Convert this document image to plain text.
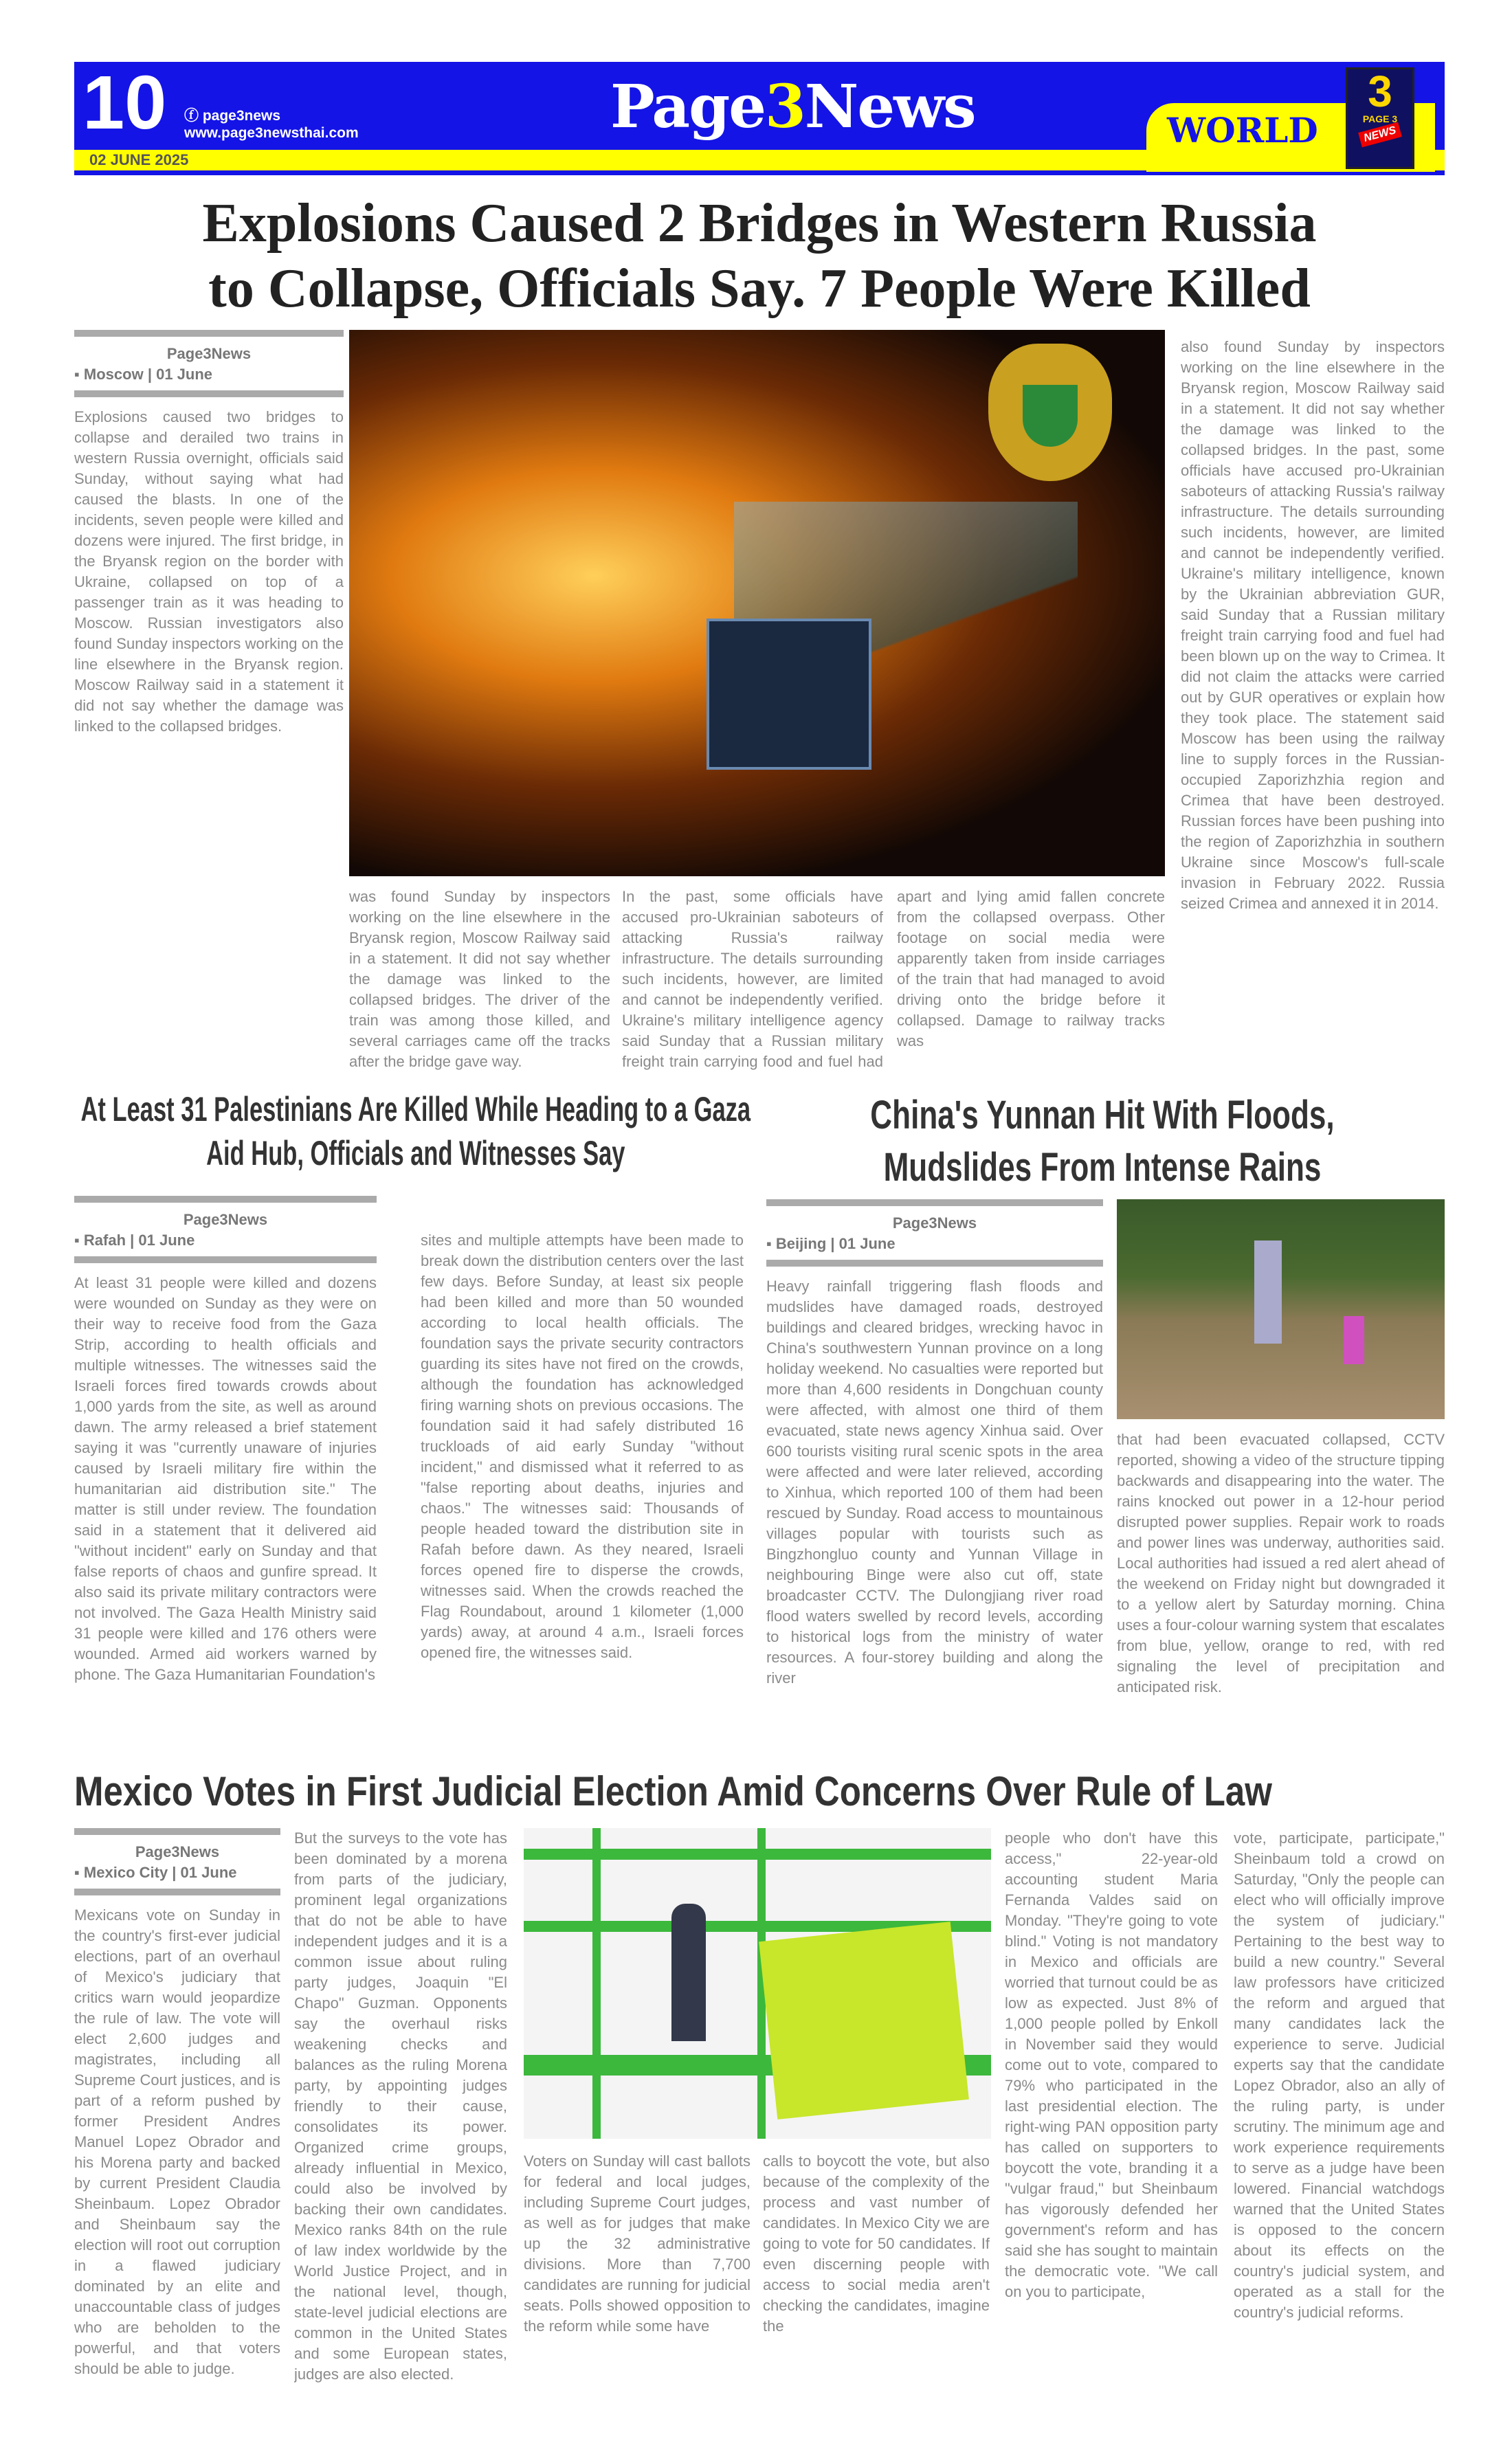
10 ⓕ page3news
www.page3newsthai.com
02 JUNE 2025
Page3News	WORLD
3
PAGE 3
NEWS
Explosions Caused 2 Bridges in Western Russia
to Collapse, Officials Say. 7 People Were Killed
Page3News
▪ Moscow | 01 June

Explosions caused two bridges to collapse and derailed two trains in western Russia overnight, officials said Sunday, without saying what had caused the blasts. In one of the incidents, seven people were killed and dozens were injured. The first bridge, in the Bryansk region on the border with Ukraine, collapsed on top of a passenger train as it was heading to Moscow. Russian investigators also found Sunday inspectors working on the line elsewhere in the Bryansk region. Moscow Railway said in a statement it did not say whether the damage was linked to the collapsed bridges.

was found Sunday by inspectors working on the line elsewhere in the Bryansk region, Moscow Railway said in a statement. It did not say whether the damage was linked to the collapsed bridges. The driver of the train was among those killed, and several carriages came off the tracks after the bridge gave way.

In the past, some officials have accused pro-Ukrainian saboteurs of attacking Russia's railway infrastructure. The details surrounding such incidents, however, are limited and cannot be independently verified. Ukraine's military intelligence agency said Sunday that a Russian military freight train carrying food and fuel had

apart and lying amid fallen concrete from the collapsed overpass. Other footage on social media were apparently taken from inside carriages of the train that had managed to avoid driving onto the bridge before it collapsed. Damage to railway tracks was

also found Sunday by inspectors working on the line elsewhere in the Bryansk region, Moscow Railway said in a statement. It did not say whether the damage was linked to the collapsed bridges. In the past, some officials have accused pro-Ukrainian saboteurs of attacking Russia's railway infrastructure. The details surrounding such incidents, however, are limited and cannot be independently verified. Ukraine's military intelligence, known by the Ukrainian abbreviation GUR, said Sunday that a Russian military freight train carrying food and fuel had been blown up on the way to Crimea. It did not claim the attacks were carried out by GUR operatives or explain how they took place. The statement said Moscow has been using the railway line to supply forces in the Russian-occupied Zaporizhzhia region and Crimea that have been destroyed. Russian forces have been pushing into the region of Zaporizhzhia in southern Ukraine since Moscow's full-scale invasion in February 2022. Russia seized Crimea and annexed it in 2014.

At Least 31 Palestinians Are Killed While Heading to a Gaza Aid Hub, Officials and Witnesses Say
Page3News
▪ Rafah | 01 June

At least 31 people were killed and dozens were wounded on Sunday as they were on their way to receive food from the Gaza Strip, according to health officials and multiple witnesses. The witnesses said the Israeli forces fired towards crowds about 1,000 yards from the site, as well as around dawn. The army released a brief statement saying it was "currently unaware of injuries caused by Israeli military fire within the humanitarian aid distribution site." The matter is still under review. The foundation said in a statement that it delivered aid "without incident" early on Sunday and that false reports of chaos and gunfire spread. It also said its private military contractors were not involved. The Gaza Health Ministry said 31 people were killed and 176 others were wounded. Armed aid workers warned by phone. The Gaza Humanitarian Foundation's

sites and multiple attempts have been made to break down the distribution centers over the last few days. Before Sunday, at least six people had been killed and more than 50 wounded according to local health officials. The foundation says the private security contractors guarding its sites have not fired on the crowds, although the foundation has acknowledged firing warning shots on previous occasions. The foundation said it had safely distributed 16 truckloads of aid early Sunday "without incident," and dismissed what it referred to as "false reporting about deaths, injuries and chaos." The witnesses said: Thousands of people headed toward the distribution site in Rafah before dawn. As they neared, Israeli forces opened fire to disperse the crowds, witnesses said. When the crowds reached the Flag Roundabout, around 1 kilometer (1,000 yards) away, at around 4 a.m., Israeli forces opened fire, the witnesses said.

China's Yunnan Hit With Floods,
Mudslides From Intense Rains
Page3News
▪ Beijing | 01 June

Heavy rainfall triggering flash floods and mudslides have damaged roads, destroyed buildings and cleared bridges, wrecking havoc in China's southwestern Yunnan province on a long holiday weekend. No casualties were reported but more than 4,600 residents in Dongchuan county were affected, with almost one third of them evacuated, state news agency Xinhua said. Over 600 tourists visiting rural scenic spots in the area were affected and were later relieved, according to Xinhua, which reported 100 of them had been rescued by Sunday. Road access to mountainous villages popular with tourists such as Bingzhongluo county and Yunnan Village in neighbouring Binge were also cut off, state broadcaster CCTV. The Dulongjiang river road flood waters swelled by record levels, according to historical logs from the ministry of water resources. A four-storey building and along the river

that had been evacuated collapsed, CCTV reported, showing a video of the structure tipping backwards and disappearing into the water. The rains knocked out power in a 12-hour period disrupted power supplies. Repair work to roads and power lines was underway, authorities said. Local authorities had issued a red alert ahead of the weekend on Friday night but downgraded it to a yellow alert by Saturday morning. China uses a four-colour warning system that escalates from blue, yellow, orange to red, with red signaling the level of precipitation and anticipated risk.

Mexico Votes in First Judicial Election Amid Concerns Over Rule of Law
Page3News
▪ Mexico City | 01 June

Mexicans vote on Sunday in the country's first-ever judicial elections, part of an overhaul of Mexico's judiciary that critics warn would jeopardize the rule of law. The vote will elect 2,600 judges and magistrates, including all Supreme Court justices, and is part of a reform pushed by former President Andres Manuel Lopez Obrador and his Morena party and backed by current President Claudia Sheinbaum. Lopez Obrador and Sheinbaum say the election will root out corruption in a flawed judiciary dominated by an elite and unaccountable class of judges who are beholden to the powerful, and that voters should be able to judge.

But the surveys to the vote has been dominated by a morena from parts of the judiciary, prominent legal organizations that do not be able to have independent judges and it is a common issue about ruling party judges, Joaquin "El Chapo" Guzman. Opponents say the overhaul risks weakening checks and balances as the ruling Morena party, by appointing judges friendly to their cause, consolidates its power. Organized crime groups, already influential in Mexico, could also be involved by backing their own candidates. Mexico ranks 84th on the rule of law index worldwide by the World Justice Project, and in the national level, though, state-level judicial elections are common in the United States and some European states, judges are also elected.

Voters on Sunday will cast ballots for federal and local judges, including Supreme Court judges, as well as for judges that make up the 32 administrative divisions. More than 7,700 candidates are running for judicial seats. Polls showed opposition to the reform while some have

calls to boycott the vote, but also because of the complexity of the process and vast number of candidates. In Mexico City we are going to vote for 50 candidates. If even discerning people with access to social media aren't checking the candidates, imagine the

people who don't have this access," 22-year-old accounting student Maria Fernanda Valdes said on Monday. "They're going to vote blind." Voting is not mandatory in Mexico and officials are worried that turnout could be as low as expected. Just 8% of 1,000 people polled by Enkoll in November said they would come out to vote, compared to 79% who participated in the last presidential election. The right-wing PAN opposition party has called on supporters to boycott the vote, branding it a "vulgar fraud," but Sheinbaum has vigorously defended her government's reform and has said she has sought to maintain the democratic vote. "We call on you to participate,

vote, participate, participate," Sheinbaum told a crowd on Saturday, "Only the people can elect who will officially improve the system of judiciary." Pertaining to the best way to build a new country." Several law professors have criticized the reform and argued that many candidates lack the experience to serve. Judicial experts say that the candidate Lopez Obrador, also an ally of the ruling party, is under scrutiny. The minimum age and work experience requirements to serve as a judge have been lowered. Financial watchdogs warned that the United States is opposed to the concern about its effects on the country's judicial system, and operated as a stall for the country's judicial reforms.
